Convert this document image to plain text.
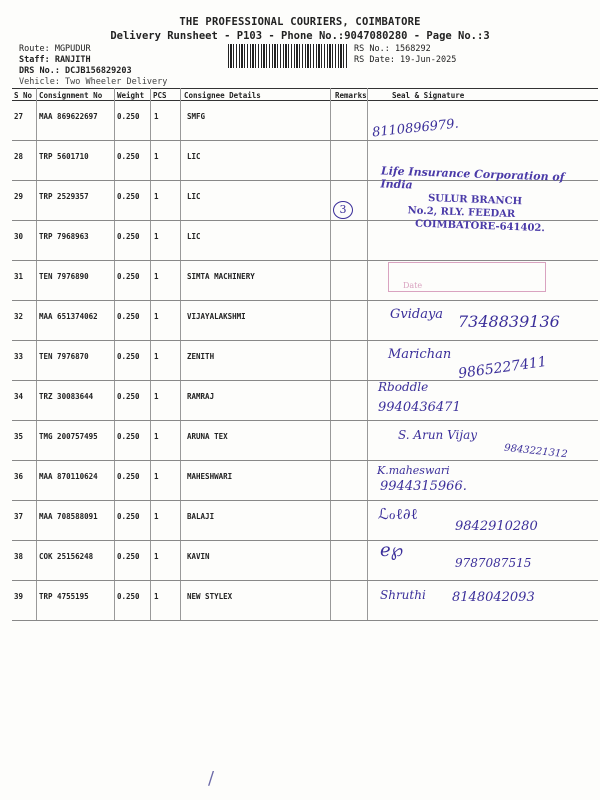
THE PROFESSIONAL COURIERS, COIMBATORE
Delivery Runsheet - P103 - Phone No.:9047080280 - Page No.:3
Route: MGPUDUR
Staff: RANJITH
DRS No.: DCJB156829203
Vehicle: Two Wheeler Delivery
RS No.: 1568292
RS Date: 19-Jun-2025
S No Consignment No Weight PCS Consignee Details	Remarks	Seal & Signature
27 MAA 869622697	0.250 1	SMFG
28 TRP 5601710	0.250 1	LIC
29 TRP 2529357	0.250 1	LIC
30 TRP 7968963	0.250 1	LIC
31 TEN 7976890	0.250 1	SIMTA MACHINERY
32 MAA 651374062	0.250 1	VIJAYALAKSHMI
33 TEN 7976870	0.250 1	ZENITH
34 TRZ 30083644	0.250 1	RAMRAJ
35 TMG 200757495	0.250 1	ARUNA TEX
36 MAA 870110624	0.250 1	MAHESHWARI
37 MAA 708588091	0.250 1	BALAJI
38 COK 25156248	0.250 1	KAVIN
39 TRP 4755195	0.250 1	NEW STYLEX
3
8110896979.
Life Insurance Corporation of India
SULUR BRANCH
No.2, RLY. FEEDAR
COIMBATORE-641402.
Date
Gvidaya 7348839136
Marichan 9865227411
Rboddle
9940436471
S. Arun Vijay
9843221312
K.maheswari
9944315966.
ℒℴℓ∂ℓ
9842910280
ℯ℘
9787087515
Shruthi 8148042093
/
